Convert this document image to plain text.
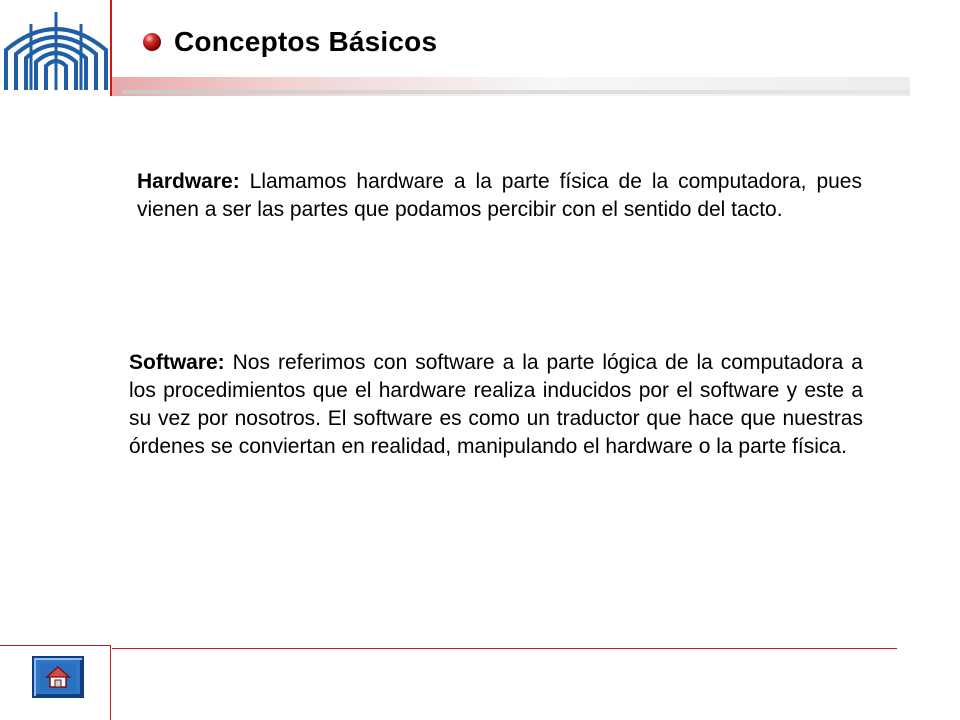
Conceptos Básicos
Hardware: Llamamos hardware a la parte física de la computadora, pues vienen a ser las partes que podamos percibir con el sentido del tacto.
Software: Nos referimos con software a la parte lógica de la computadora a los procedimientos que el hardware realiza inducidos por el software y este a su vez por nosotros. El software es como un traductor que hace que nuestras órdenes se conviertan en realidad, manipulando el hardware o la parte física.
